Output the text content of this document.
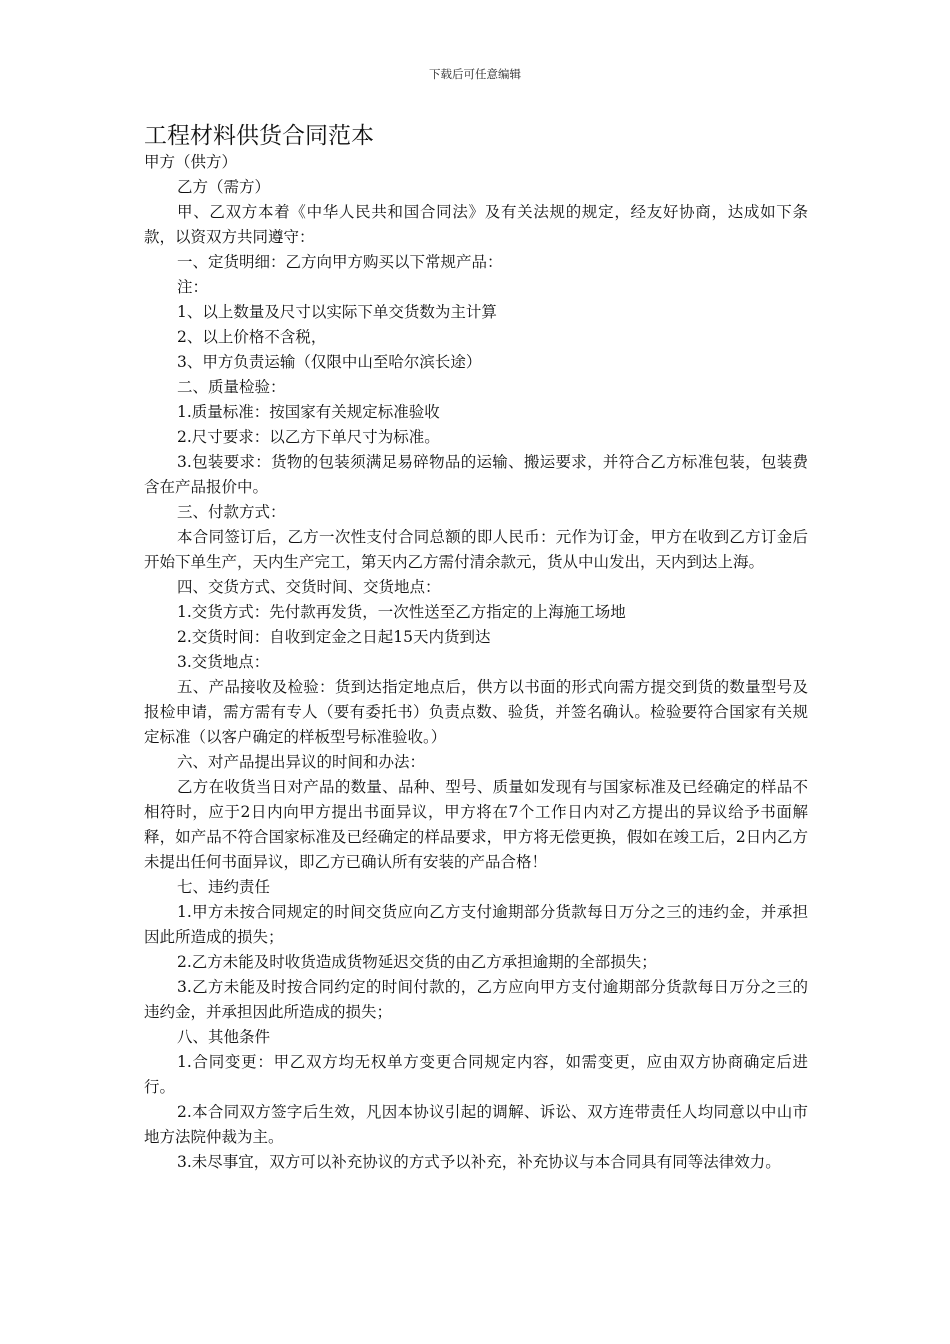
下载后可任意编辑
工程材料供货合同范本

甲方（供方）

乙方（需方）

甲、乙双方本着《中华人民共和国合同法》及有关法规的规定，经友好协商，达成如下条款，以资双方共同遵守：

一、定货明细：乙方向甲方购买以下常规产品：

注：

1、以上数量及尺寸以实际下单交货数为主计算

2、以上价格不含税，

3、甲方负责运输（仅限中山至哈尔滨长途）

二、质量检验：

1.质量标准：按国家有关规定标准验收

2.尺寸要求：以乙方下单尺寸为标准。

3.包装要求：货物的包装须满足易碎物品的运输、搬运要求，并符合乙方标准包装，包装费含在产品报价中。

三、付款方式：

本合同签订后，乙方一次性支付合同总额的即人民币：元作为订金，甲方在收到乙方订金后开始下单生产，天内生产完工，第天内乙方需付清余款元，货从中山发出，天内到达上海。

四、交货方式、交货时间、交货地点：

1.交货方式：先付款再发货，一次性送至乙方指定的上海施工场地

2.交货时间：自收到定金之日起15天内货到达

3.交货地点：

五、产品接收及检验：货到达指定地点后，供方以书面的形式向需方提交到货的数量型号及报检申请，需方需有专人（要有委托书）负责点数、验货，并签名确认。检验要符合国家有关规定标准（以客户确定的样板型号标准验收。）

六、对产品提出异议的时间和办法：

乙方在收货当日对产品的数量、品种、型号、质量如发现有与国家标准及已经确定的样品不相符时，应于2日内向甲方提出书面异议，甲方将在7个工作日内对乙方提出的异议给予书面解释，如产品不符合国家标准及已经确定的样品要求，甲方将无偿更换，假如在竣工后，2日内乙方未提出任何书面异议，即乙方已确认所有安装的产品合格！

七、违约责任

1.甲方未按合同规定的时间交货应向乙方支付逾期部分货款每日万分之三的违约金，并承担因此所造成的损失；

2.乙方未能及时收货造成货物延迟交货的由乙方承担逾期的全部损失；

3.乙方未能及时按合同约定的时间付款的，乙方应向甲方支付逾期部分货款每日万分之三的违约金，并承担因此所造成的损失；

八、其他条件

1.合同变更：甲乙双方均无权单方变更合同规定内容，如需变更，应由双方协商确定后进行。

2.本合同双方签字后生效，凡因本协议引起的调解、诉讼、双方连带责任人均同意以中山市地方法院仲裁为主。

3.未尽事宜，双方可以补充协议的方式予以补充，补充协议与本合同具有同等法律效力。
